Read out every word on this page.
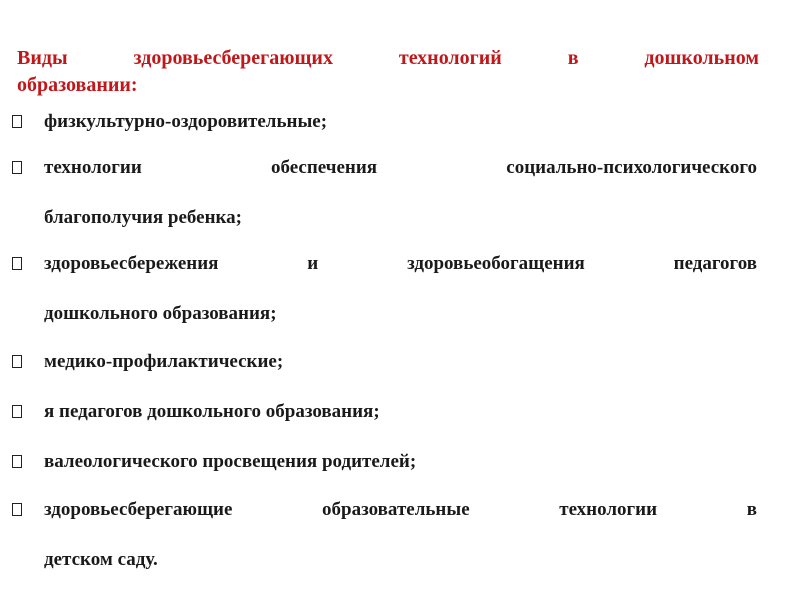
Виды здоровьесберегающих технологий в дошкольном
образовании:
физкультурно-оздоровительные;
технологии обеспечения социально-психологического
благополучия ребенка;
здоровьесбережения и здоровьеобогащения педагогов
дошкольного образования;
медико-профилактические;
я педагогов дошкольного образования;
валеологического просвещения родителей;
здоровьесберегающие образовательные технологии в
детском саду.
